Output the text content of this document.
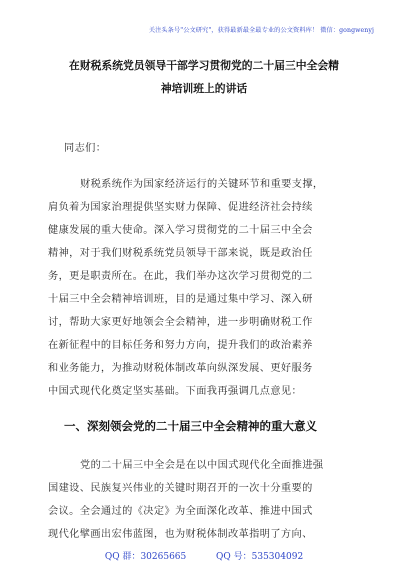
关注头条号"公文研究"，获得最新最全最专业的公文资料库！ 微信：gongwenyj
在财税系统党员领导干部学习贯彻党的二十届三中全会精
神培训班上的讲话
同志们：
财税系统作为国家经济运行的关键环节和重要支撑，
肩负着为国家治理提供坚实财力保障、促进经济社会持续
健康发展的重大使命。深入学习贯彻党的二十届三中全会
精神，对于我们财税系统党员领导干部来说，既是政治任
务，更是职责所在。在此，我们举办这次学习贯彻党的二
十届三中全会精神培训班，目的是通过集中学习、深入研
讨，帮助大家更好地领会全会精神，进一步明确财税工作
在新征程中的目标任务和努力方向，提升我们的政治素养
和业务能力，为推动财税体制改革向纵深发展、更好服务
中国式现代化奠定坚实基础。下面我再强调几点意见：
一、深刻领会党的二十届三中全会精神的重大意义
党的二十届三中全会是在以中国式现代化全面推进强
国建设、民族复兴伟业的关键时期召开的一次十分重要的
会议。全会通过的《决定》为全面深化改革、推进中国式
现代化擘画出宏伟蓝图，也为财税体制改革指明了方向、
QQ 群：30265665	QQ 号：535304092
